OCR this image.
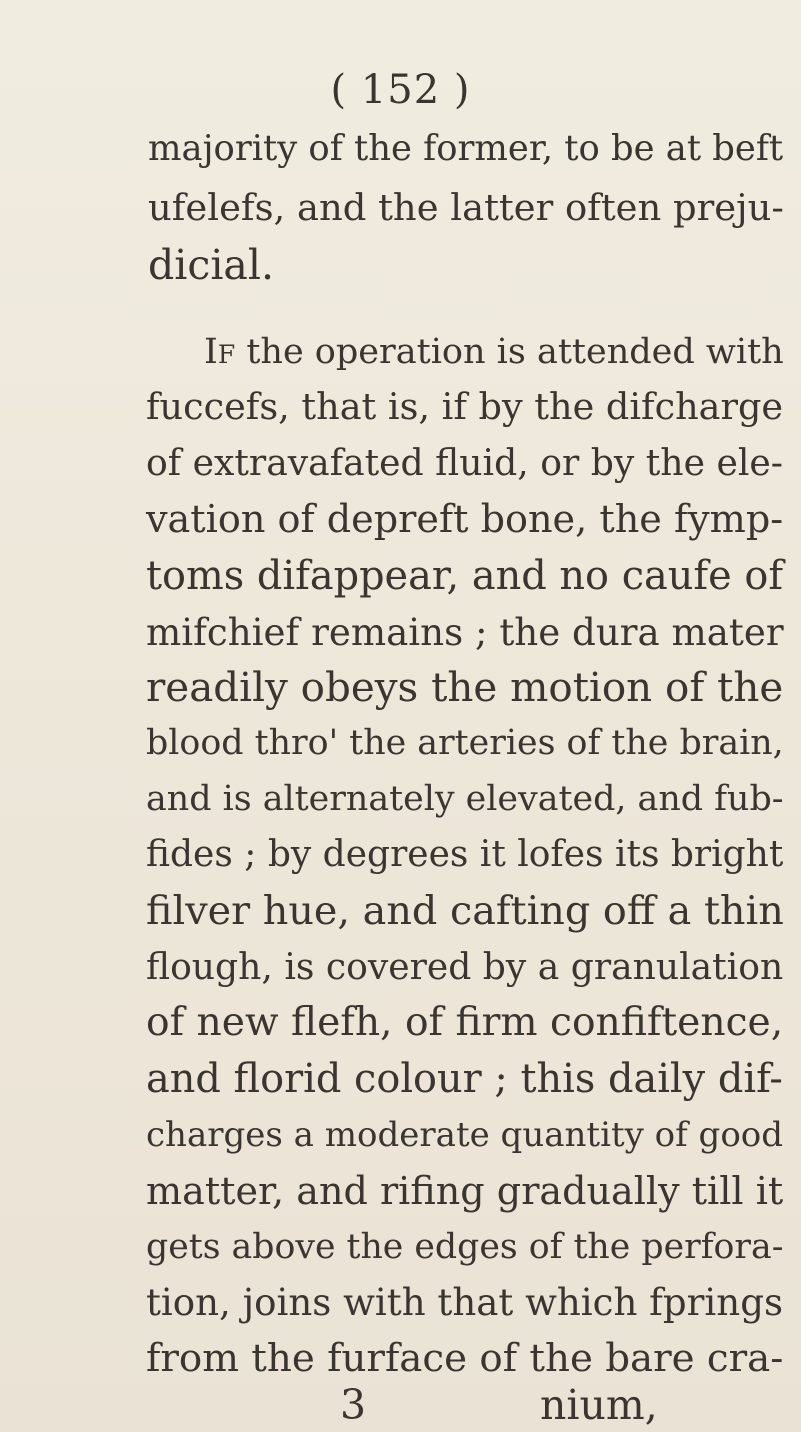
( 152 )
majority of the former, to be at beft
ufelefs, and the latter often preju-
dicial.
If the operation is attended with
fuccefs, that is, if by the difcharge
of extravafated fluid, or by the ele-
vation of depreft bone, the fymp-
toms difappear, and no caufe of
mifchief remains ; the dura mater
readily obeys the motion of the
blood thro' the arteries of the brain,
and is alternately elevated, and fub-
fides ; by degrees it lofes its bright
filver hue, and cafting off a thin
flough, is covered by a granulation
of new flefh, of firm confiftence,
and florid colour ; this daily dif-
charges a moderate quantity of good
matter, and rifing gradually till it
gets above the edges of the perfora-
tion, joins with that which fprings
from the furface of the bare cra-
3	nium,
